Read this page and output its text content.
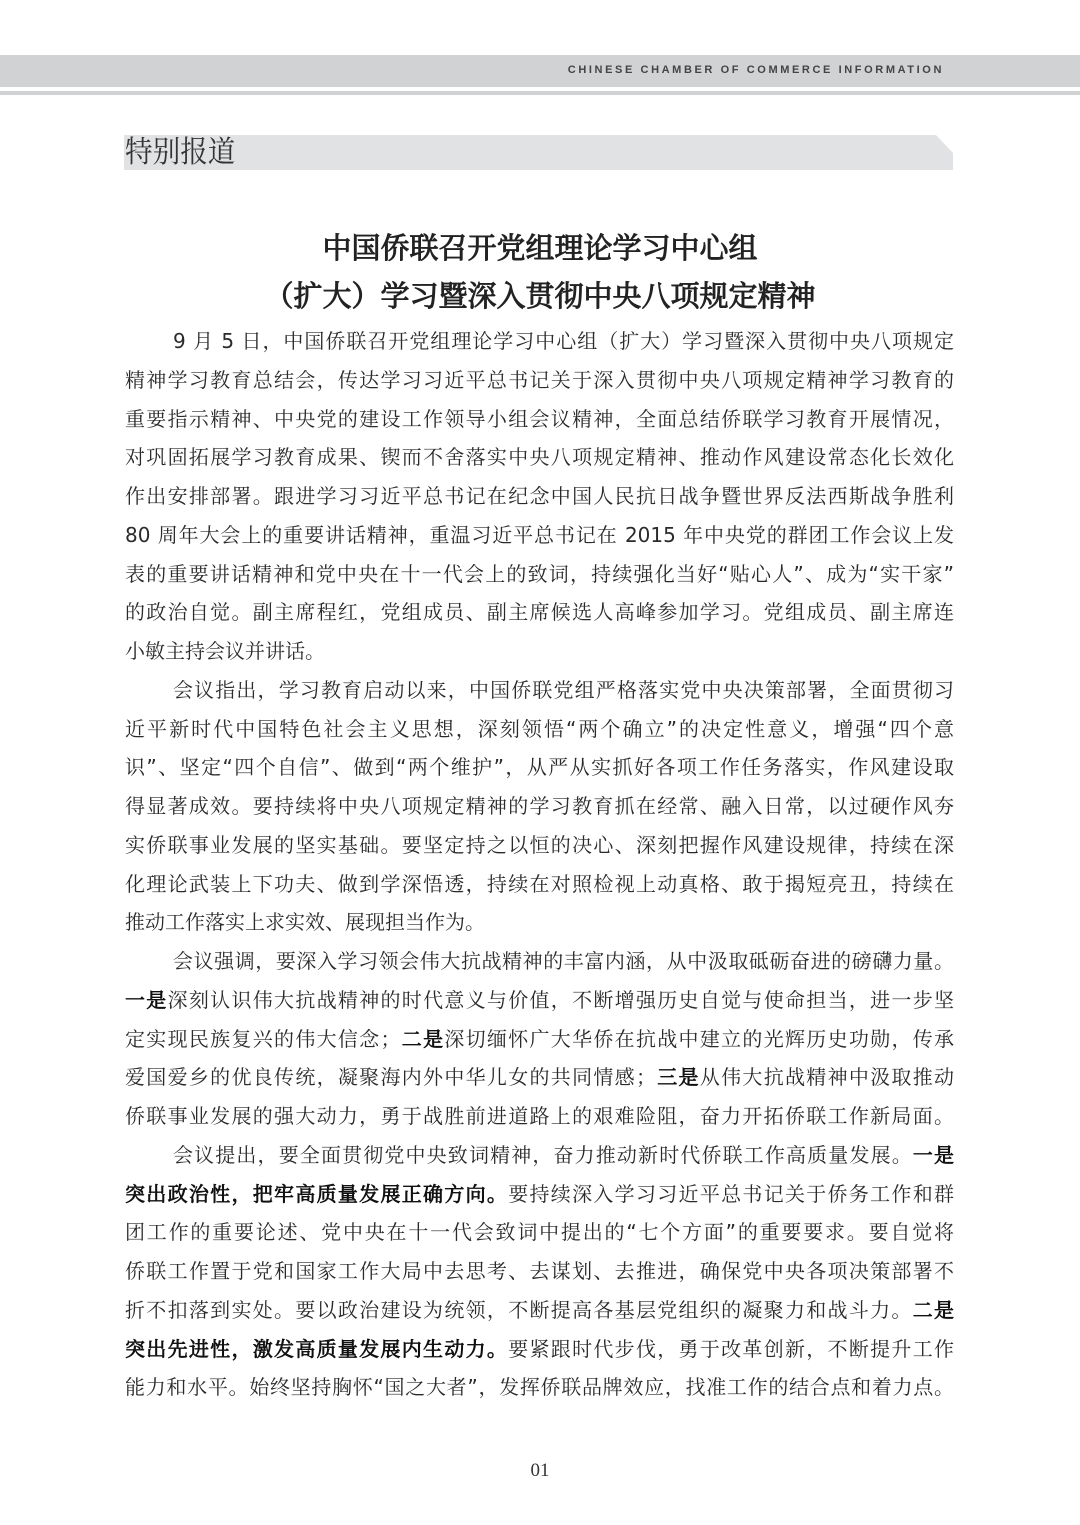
CHINESE CHAMBER OF COMMERCE INFORMATION
特别报道
中国侨联召开党组理论学习中心组
（扩大）学习暨深入贯彻中央八项规定精神
9 月 5 日，中国侨联召开党组理论学习中心组（扩大）学习暨深入贯彻中央八项规定
精神学习教育总结会，传达学习习近平总书记关于深入贯彻中央八项规定精神学习教育的
重要指示精神、中央党的建设工作领导小组会议精神，全面总结侨联学习教育开展情况，
对巩固拓展学习教育成果、锲而不舍落实中央八项规定精神、推动作风建设常态化长效化
作出安排部署。跟进学习习近平总书记在纪念中国人民抗日战争暨世界反法西斯战争胜利
80 周年大会上的重要讲话精神，重温习近平总书记在 2015 年中央党的群团工作会议上发
表的重要讲话精神和党中央在十一代会上的致词，持续强化当好“贴心人”、成为“实干家”
的政治自觉。副主席程红，党组成员、副主席候选人高峰参加学习。党组成员、副主席连
小敏主持会议并讲话。
会议指出，学习教育启动以来，中国侨联党组严格落实党中央决策部署，全面贯彻习
近平新时代中国特色社会主义思想，深刻领悟“两个确立”的决定性意义，增强“四个意
识”、坚定“四个自信”、做到“两个维护”，从严从实抓好各项工作任务落实，作风建设取
得显著成效。要持续将中央八项规定精神的学习教育抓在经常、融入日常，以过硬作风夯
实侨联事业发展的坚实基础。要坚定持之以恒的决心、深刻把握作风建设规律，持续在深
化理论武装上下功夫、做到学深悟透，持续在对照检视上动真格、敢于揭短亮丑，持续在
推动工作落实上求实效、展现担当作为。
会议强调，要深入学习领会伟大抗战精神的丰富内涵，从中汲取砥砺奋进的磅礴力量。
一是深刻认识伟大抗战精神的时代意义与价值，不断增强历史自觉与使命担当，进一步坚
定实现民族复兴的伟大信念；二是深切缅怀广大华侨在抗战中建立的光辉历史功勋，传承
爱国爱乡的优良传统，凝聚海内外中华儿女的共同情感；三是从伟大抗战精神中汲取推动
侨联事业发展的强大动力，勇于战胜前进道路上的艰难险阻，奋力开拓侨联工作新局面。
会议提出，要全面贯彻党中央致词精神，奋力推动新时代侨联工作高质量发展。一是
突出政治性，把牢高质量发展正确方向。要持续深入学习习近平总书记关于侨务工作和群
团工作的重要论述、党中央在十一代会致词中提出的“七个方面”的重要要求。要自觉将
侨联工作置于党和国家工作大局中去思考、去谋划、去推进，确保党中央各项决策部署不
折不扣落到实处。要以政治建设为统领，不断提高各基层党组织的凝聚力和战斗力。二是
突出先进性，激发高质量发展内生动力。要紧跟时代步伐，勇于改革创新，不断提升工作
能力和水平。始终坚持胸怀“国之大者”，发挥侨联品牌效应，找准工作的结合点和着力点。
01
